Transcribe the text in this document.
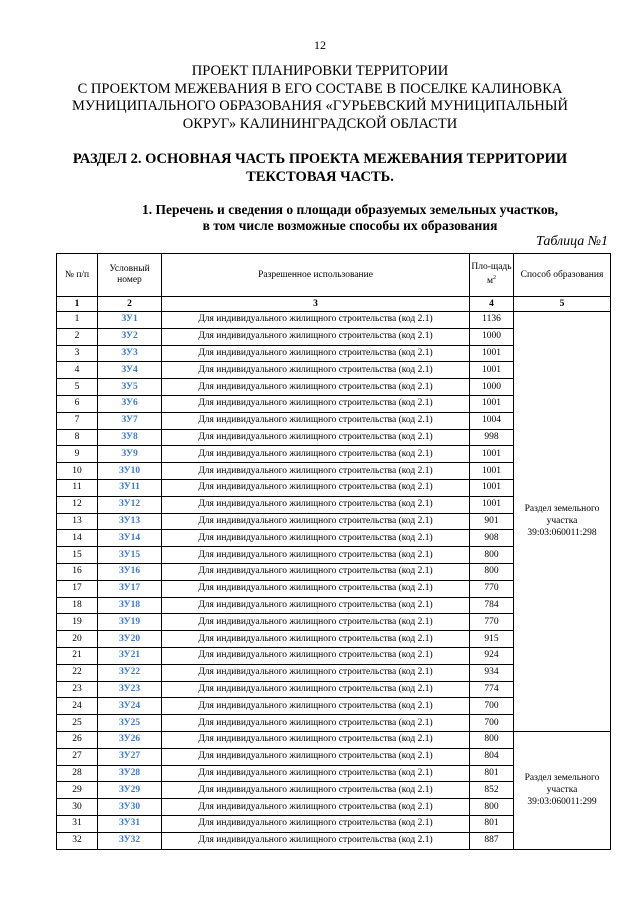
12
ПРОЕКТ ПЛАНИРОВКИ ТЕРРИТОРИИ
С ПРОЕКТОМ МЕЖЕВАНИЯ В ЕГО СОСТАВЕ В ПОСЕЛКЕ КАЛИНОВКА
МУНИЦИПАЛЬНОГО ОБРАЗОВАНИЯ «ГУРЬЕВСКИЙ МУНИЦИПАЛЬНЫЙ
ОКРУГ» КАЛИНИНГРАДСКОЙ ОБЛАСТИ
РАЗДЕЛ 2. ОСНОВНАЯ ЧАСТЬ ПРОЕКТА МЕЖЕВАНИЯ ТЕРРИТОРИИ
ТЕКСТОВАЯ ЧАСТЬ.
1. Перечень и сведения о площади образуемых земельных участков,
в том числе возможные способы их образования
Таблица №1
№ п/п	Условный номер	Разрешенное использование	Пло-щадь $м^2$	Способ образования
1	2	3	4	5
1	ЗУ1	Для индивидуального жилищного строительства (код 2.1)	1136	Раздел земельного
участка
39:03:060011:298

2	ЗУ2	Для индивидуального жилищного строительства (код 2.1)	1000	
3	ЗУ3	Для индивидуального жилищного строительства (код 2.1)	1001	
4	ЗУ4	Для индивидуального жилищного строительства (код 2.1)	1001	
5	ЗУ5	Для индивидуального жилищного строительства (код 2.1)	1000	
6	ЗУ6	Для индивидуального жилищного строительства (код 2.1)	1001	
7	ЗУ7	Для индивидуального жилищного строительства (код 2.1)	1004	
8	ЗУ8	Для индивидуального жилищного строительства (код 2.1)	998	
9	ЗУ9	Для индивидуального жилищного строительства (код 2.1)	1001	
10	ЗУ10	Для индивидуального жилищного строительства (код 2.1)	1001	
11	ЗУ11	Для индивидуального жилищного строительства (код 2.1)	1001	
12	ЗУ12	Для индивидуального жилищного строительства (код 2.1)	1001	
13	ЗУ13	Для индивидуального жилищного строительства (код 2.1)	901	
14	ЗУ14	Для индивидуального жилищного строительства (код 2.1)	908	
15	ЗУ15	Для индивидуального жилищного строительства (код 2.1)	800	
16	ЗУ16	Для индивидуального жилищного строительства (код 2.1)	800	
17	ЗУ17	Для индивидуального жилищного строительства (код 2.1)	770	
18	ЗУ18	Для индивидуального жилищного строительства (код 2.1)	784	
19	ЗУ19	Для индивидуального жилищного строительства (код 2.1)	770	
20	ЗУ20	Для индивидуального жилищного строительства (код 2.1)	915	
21	ЗУ21	Для индивидуального жилищного строительства (код 2.1)	924	
22	ЗУ22	Для индивидуального жилищного строительства (код 2.1)	934	
23	ЗУ23	Для индивидуального жилищного строительства (код 2.1)	774	
24	ЗУ24	Для индивидуального жилищного строительства (код 2.1)	700	
25	ЗУ25	Для индивидуального жилищного строительства (код 2.1)	700	
26	ЗУ26	Для индивидуального жилищного строительства (код 2.1)	800	Раздел земельного
участка
39:03:060011:299

27	ЗУ27	Для индивидуального жилищного строительства (код 2.1)	804	
28	ЗУ28	Для индивидуального жилищного строительства (код 2.1)	801	
29	ЗУ29	Для индивидуального жилищного строительства (код 2.1)	852	
30	ЗУ30	Для индивидуального жилищного строительства (код 2.1)	800	
31	ЗУ31	Для индивидуального жилищного строительства (код 2.1)	801	
32	ЗУ32	Для индивидуального жилищного строительства (код 2.1)	887	
